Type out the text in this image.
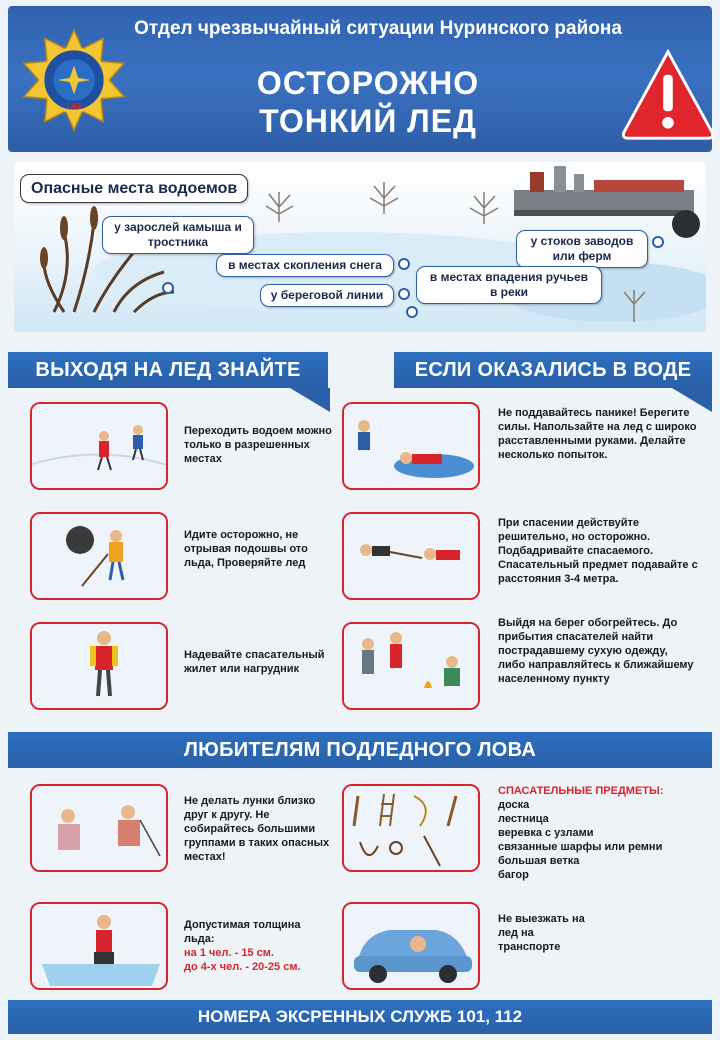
Отдел чрезвычайный ситуации Нуринского района
ОСТОРОЖНО
ТОНКИЙ ЛЕД
ТЖК
Опасные места водоемов
у зарослей камыша и тростника
в местах скопления снега
у береговой линии
у стоков заводов или ферм
в местах впадения ручьев в реки
ВЫХОДЯ НА ЛЕД ЗНАЙТЕ	ЕСЛИ ОКАЗАЛИСЬ В ВОДЕ
Переходить водоем можно только в разрешенных местах
Идите осторожно, не отрывая подошвы ото льда, Проверяйте лед
Надевайте спасательный жилет или нагрудник
Не поддавайтесь панике! Берегите силы. Напользайте на лед с широко расставленными руками. Делайте несколько попыток.
При спасении действуйте решительно, но осторожно. Подбадривайте спасаемого. Спасательный предмет подавайте с расстояния 3-4 метра.
Выйдя на берег обогрейтесь. До прибытия спасателей найти пострадавшему сухую одежду, либо направляйтесь к ближайшему населенному пункту
ЛЮБИТЕЛЯМ ПОДЛЕДНОГО ЛОВА
Не делать лунки близко друг к другу. Не собирайтесь большими группами в таких опасных местах!
СПАСАТЕЛЬНЫЕ ПРЕДМЕТЫ:
доска
лестница
веревка с узлами
связанные шарфы или ремни
большая ветка
багор
Допустимая толщина льда:
на 1 чел. - 15 см.
до 4-х чел. - 20-25 см.
Не выезжать на лед на транспорте
НОМЕРА ЭКСРЕННЫХ СЛУЖБ 101, 112
